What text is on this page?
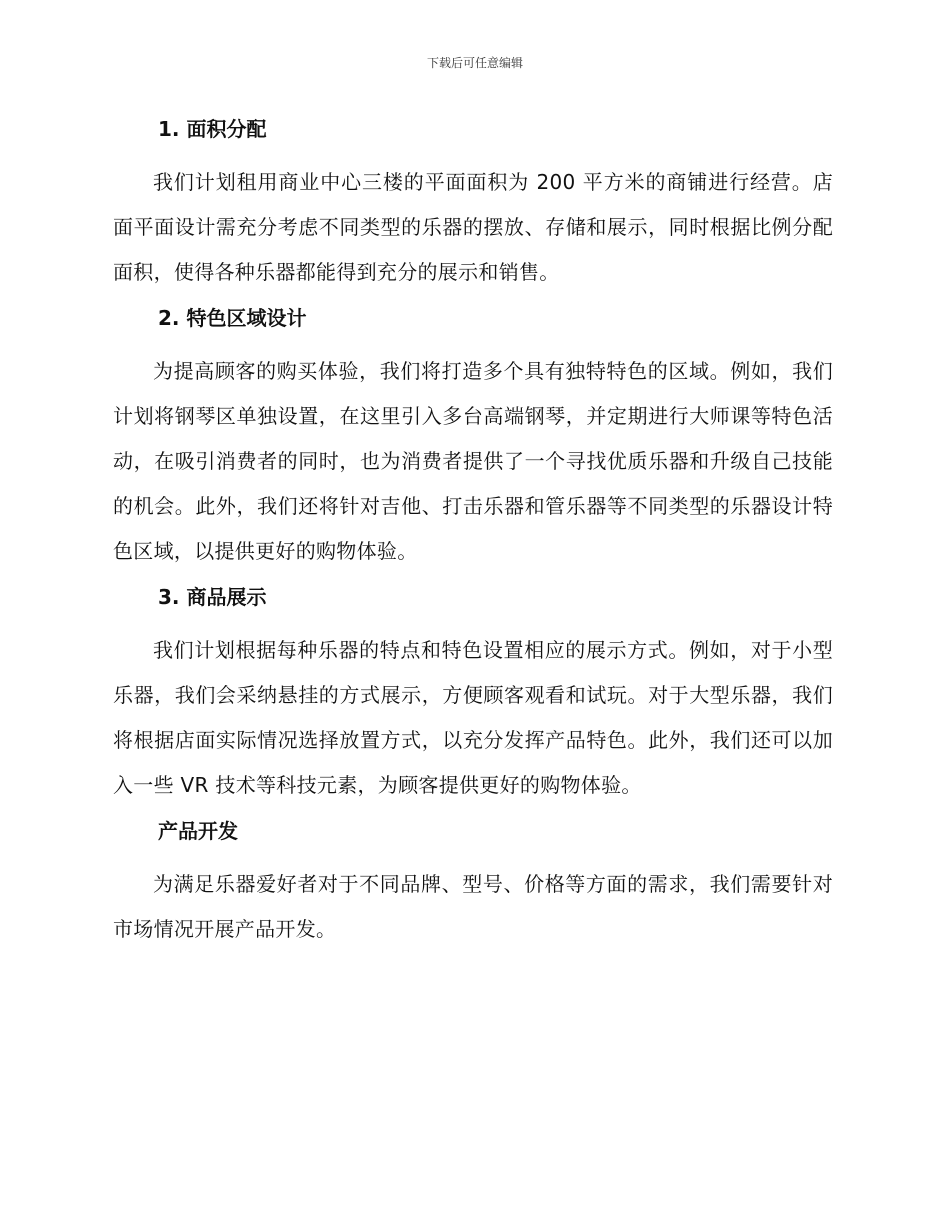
下载后可任意编辑
1. 面积分配

我们计划租用商业中心三楼的平面面积为 200 平方米的商铺进行经营。店面平面设计需充分考虑不同类型的乐器的摆放、存储和展示，同时根据比例分配面积，使得各种乐器都能得到充分的展示和销售。

2. 特色区域设计

为提高顾客的购买体验，我们将打造多个具有独特特色的区域。例如，我们计划将钢琴区单独设置，在这里引入多台高端钢琴，并定期进行大师课等特色活动，在吸引消费者的同时，也为消费者提供了一个寻找优质乐器和升级自己技能的机会。此外，我们还将针对吉他、打击乐器和管乐器等不同类型的乐器设计特色区域，以提供更好的购物体验。

3. 商品展示

我们计划根据每种乐器的特点和特色设置相应的展示方式。例如，对于小型乐器，我们会采纳悬挂的方式展示，方便顾客观看和试玩。对于大型乐器，我们将根据店面实际情况选择放置方式，以充分发挥产品特色。此外，我们还可以加入一些 VR 技术等科技元素，为顾客提供更好的购物体验。

产品开发

为满足乐器爱好者对于不同品牌、型号、价格等方面的需求，我们需要针对市场情况开展产品开发。
